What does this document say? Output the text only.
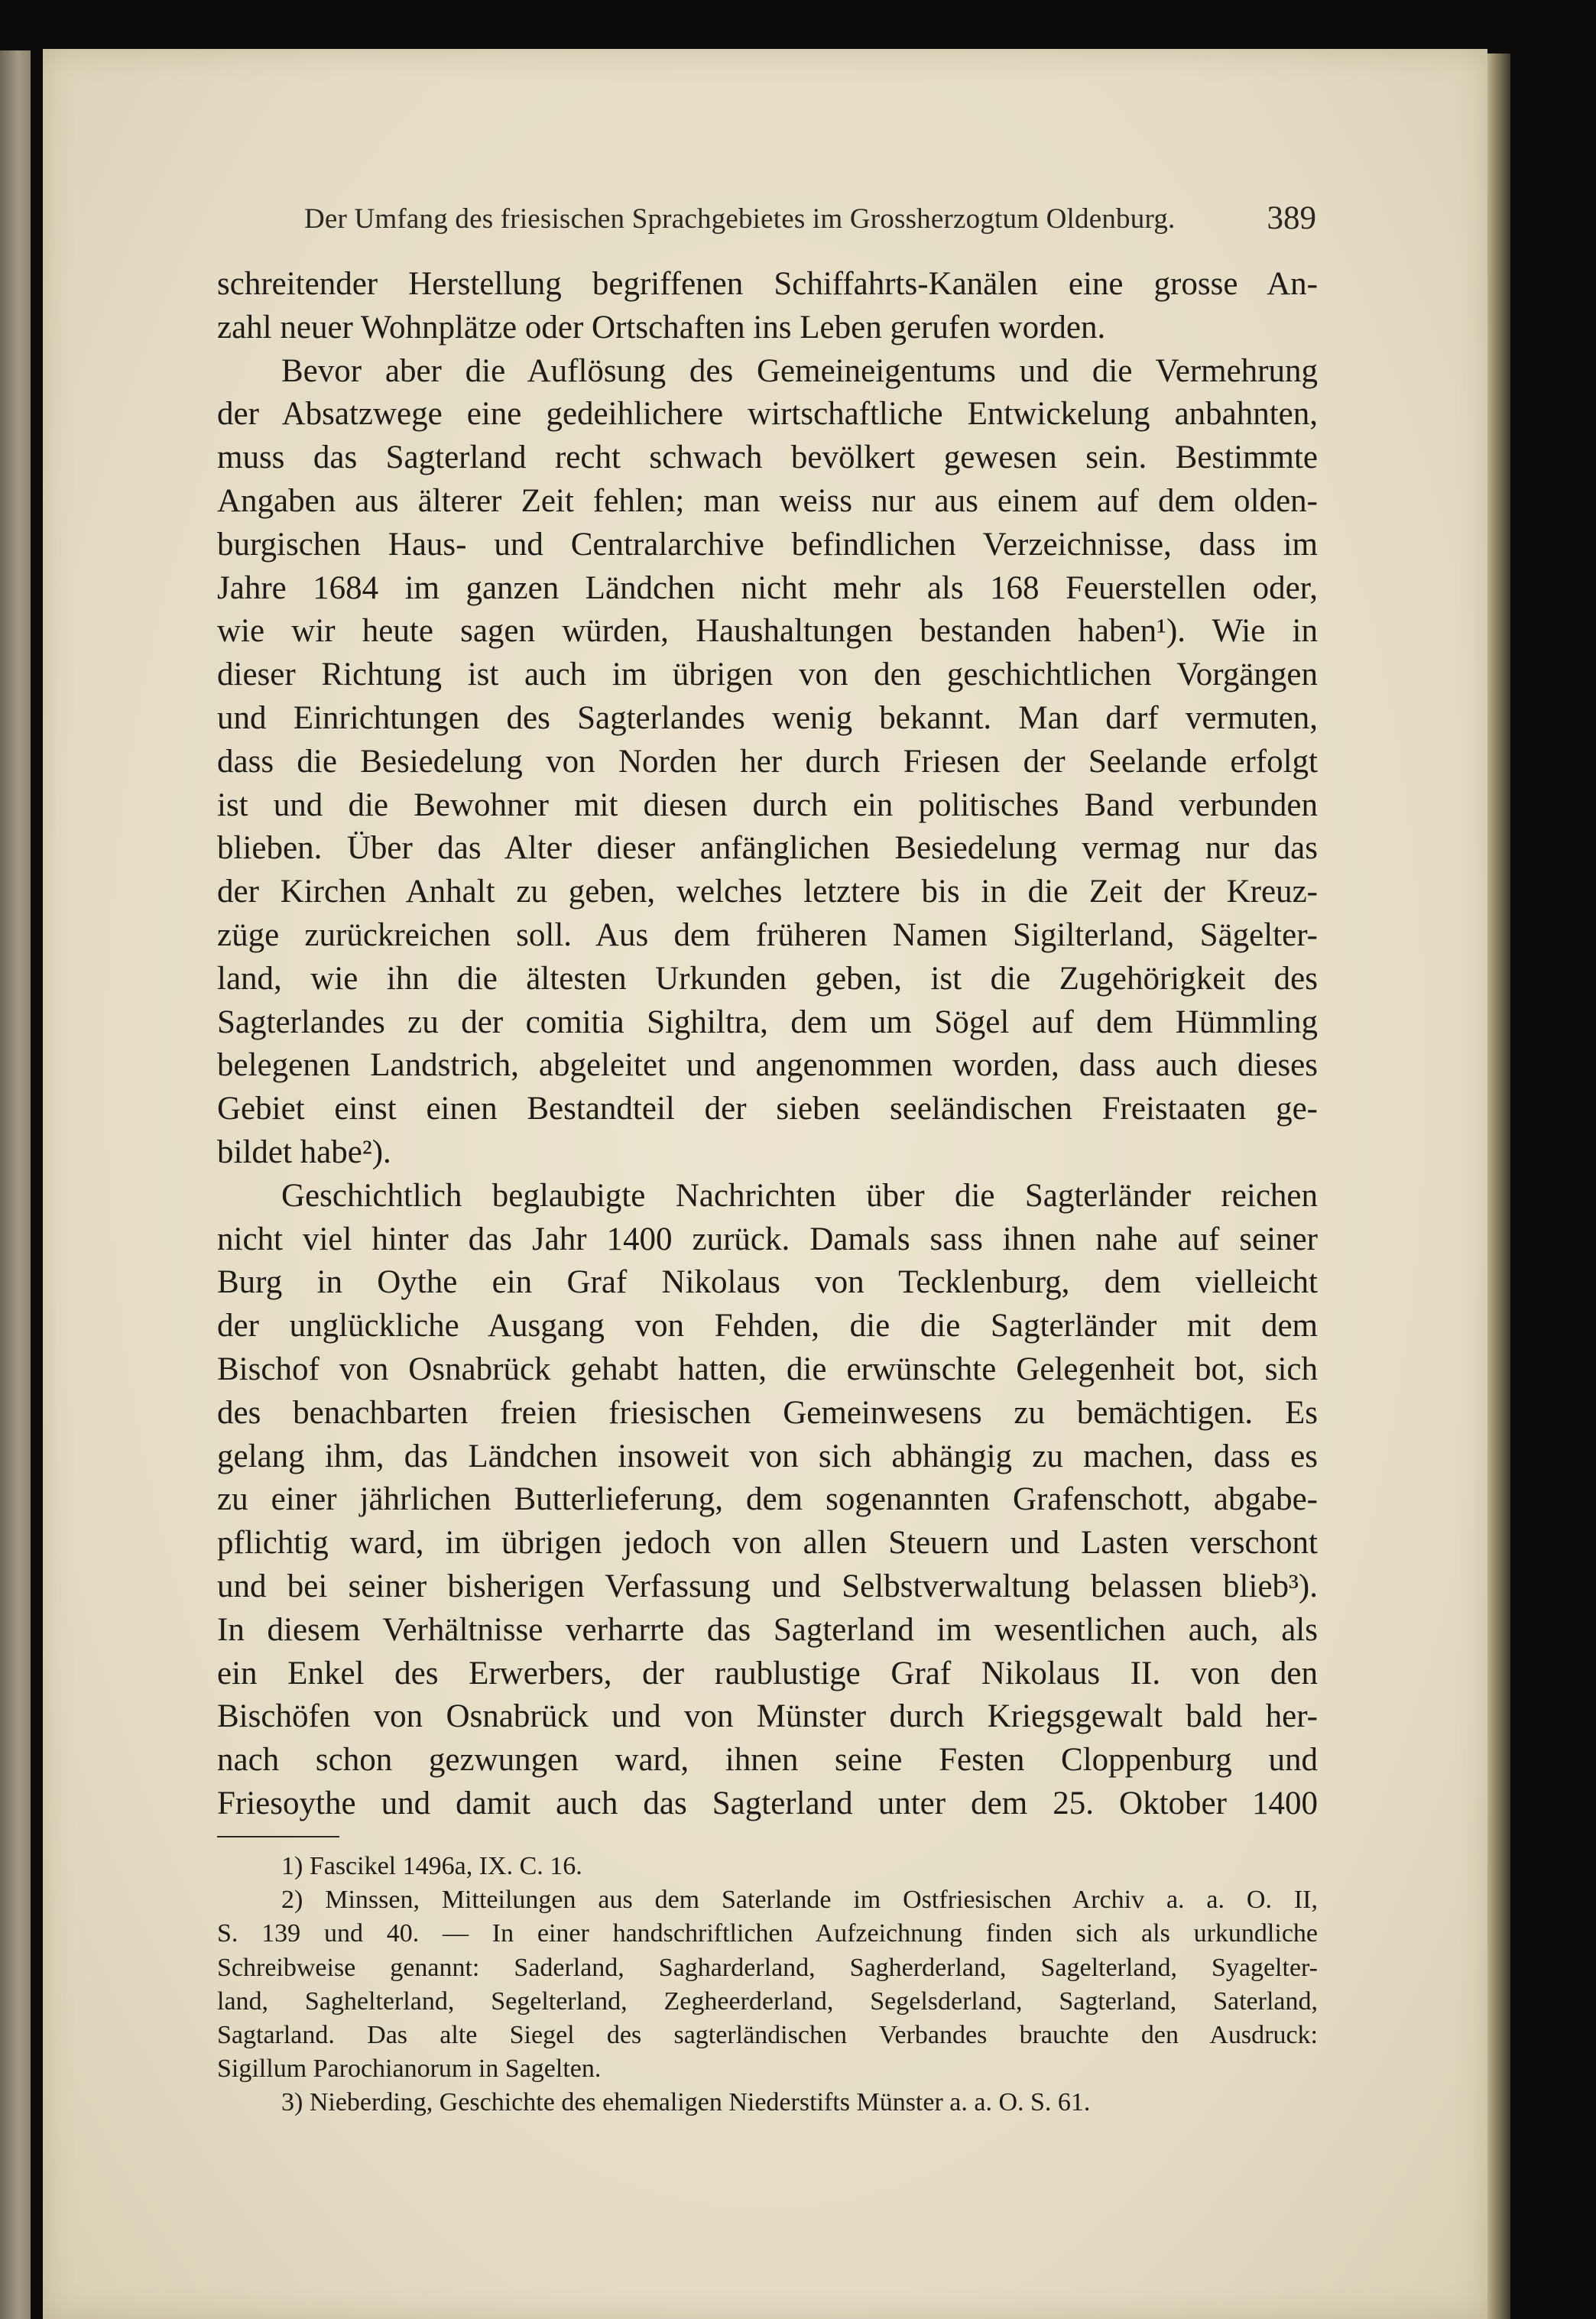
Der Umfang des friesischen Sprachgebietes im Grossherzogtum Oldenburg.	389
schreitender Herstellung begriffenen Schiffahrts-Kanälen eine grosse An-
zahl neuer Wohnplätze oder Ortschaften ins Leben gerufen worden.
Bevor aber die Auflösung des Gemeineigentums und die Vermehrung
der Absatzwege eine gedeihlichere wirtschaftliche Entwickelung anbahnten,
muss das Sagterland recht schwach bevölkert gewesen sein. Bestimmte
Angaben aus älterer Zeit fehlen; man weiss nur aus einem auf dem olden-
burgischen Haus- und Centralarchive befindlichen Verzeichnisse, dass im
Jahre 1684 im ganzen Ländchen nicht mehr als 168 Feuerstellen oder,
wie wir heute sagen würden, Haushaltungen bestanden haben¹). Wie in
dieser Richtung ist auch im übrigen von den geschichtlichen Vorgängen
und Einrichtungen des Sagterlandes wenig bekannt. Man darf vermuten,
dass die Besiedelung von Norden her durch Friesen der Seelande erfolgt
ist und die Bewohner mit diesen durch ein politisches Band verbunden
blieben. Über das Alter dieser anfänglichen Besiedelung vermag nur das
der Kirchen Anhalt zu geben, welches letztere bis in die Zeit der Kreuz-
züge zurückreichen soll. Aus dem früheren Namen Sigilterland, Sägelter-
land, wie ihn die ältesten Urkunden geben, ist die Zugehörigkeit des
Sagterlandes zu der comitia Sighiltra, dem um Sögel auf dem Hümmling
belegenen Landstrich, abgeleitet und angenommen worden, dass auch dieses
Gebiet einst einen Bestandteil der sieben seeländischen Freistaaten ge-
bildet habe²).
Geschichtlich beglaubigte Nachrichten über die Sagterländer reichen
nicht viel hinter das Jahr 1400 zurück. Damals sass ihnen nahe auf seiner
Burg in Oythe ein Graf Nikolaus von Tecklenburg, dem vielleicht
der unglückliche Ausgang von Fehden, die die Sagterländer mit dem
Bischof von Osnabrück gehabt hatten, die erwünschte Gelegenheit bot, sich
des benachbarten freien friesischen Gemeinwesens zu bemächtigen. Es
gelang ihm, das Ländchen insoweit von sich abhängig zu machen, dass es
zu einer jährlichen Butterlieferung, dem sogenannten Grafenschott, abgabe-
pflichtig ward, im übrigen jedoch von allen Steuern und Lasten verschont
und bei seiner bisherigen Verfassung und Selbstverwaltung belassen blieb³).
In diesem Verhältnisse verharrte das Sagterland im wesentlichen auch, als
ein Enkel des Erwerbers, der raublustige Graf Nikolaus II. von den
Bischöfen von Osnabrück und von Münster durch Kriegsgewalt bald her-
nach schon gezwungen ward, ihnen seine Festen Cloppenburg und
Friesoythe und damit auch das Sagterland unter dem 25. Oktober 1400
1) Fascikel 1496a, IX. C. 16.
2) Minssen, Mitteilungen aus dem Saterlande im Ostfriesischen Archiv a. a. O. II,
S. 139 und 40. — In einer handschriftlichen Aufzeichnung finden sich als urkundliche
Schreibweise genannt: Saderland, Sagharderland, Sagherderland, Sagelterland, Syagelter-
land, Saghelterland, Segelterland, Zegheerderland, Segelsderland, Sagterland, Saterland,
Sagtarland. Das alte Siegel des sagterländischen Verbandes brauchte den Ausdruck:
Sigillum Parochianorum in Sagelten.
3) Nieberding, Geschichte des ehemaligen Niederstifts Münster a. a. O. S. 61.
